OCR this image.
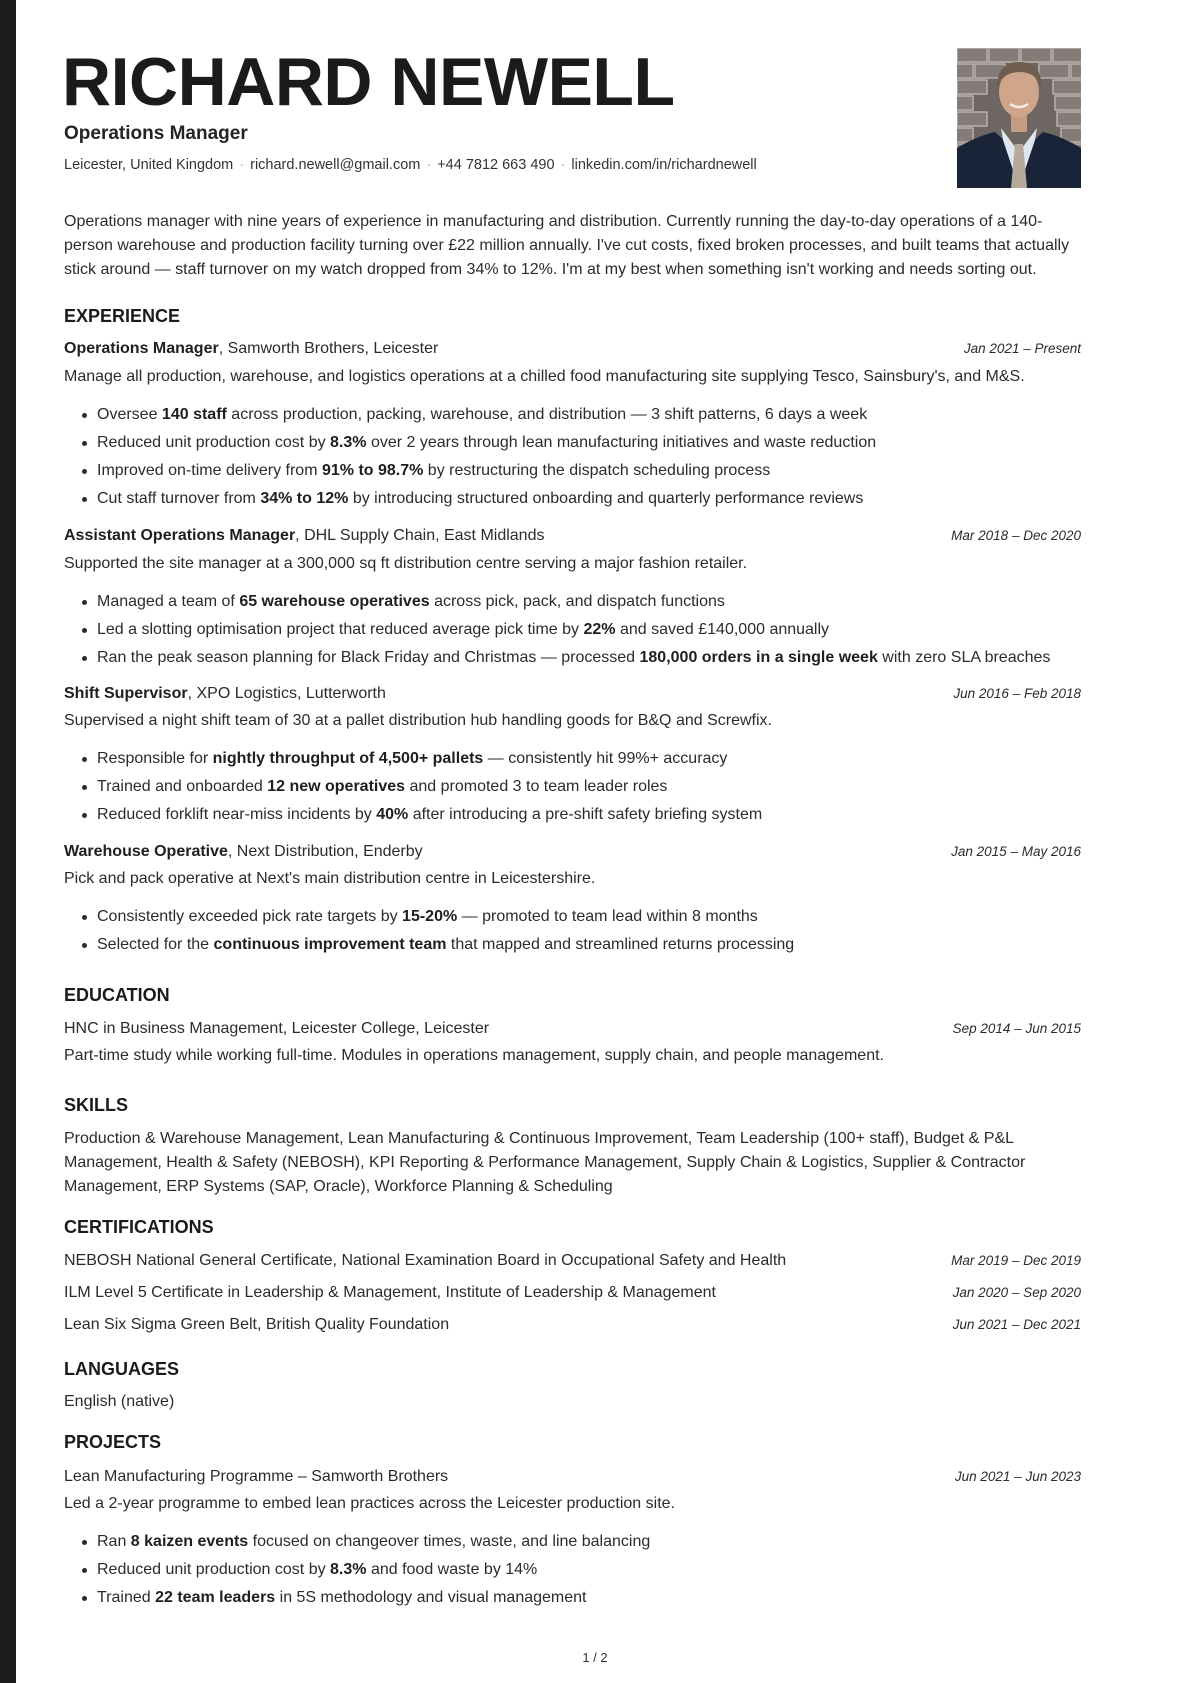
RICHARD NEWELL
Operations Manager
Leicester, United Kingdom · richard.newell@gmail.com · +44 7812 663 490 · linkedin.com/in/richardnewell
Operations manager with nine years of experience in manufacturing and distribution. Currently running the day-to-day operations of a 140-person warehouse and production facility turning over £22 million annually. I've cut costs, fixed broken processes, and built teams that actually stick around — staff turnover on my watch dropped from 34% to 12%. I'm at my best when something isn't working and needs sorting out.
EXPERIENCE
Operations Manager, Samworth Brothers, Leicester	Jan 2021 – Present
Manage all production, warehouse, and logistics operations at a chilled food manufacturing site supplying Tesco, Sainsbury's, and M&S.
Oversee 140 staff across production, packing, warehouse, and distribution — 3 shift patterns, 6 days a week
Reduced unit production cost by 8.3% over 2 years through lean manufacturing initiatives and waste reduction
Improved on-time delivery from 91% to 98.7% by restructuring the dispatch scheduling process
Cut staff turnover from 34% to 12% by introducing structured onboarding and quarterly performance reviews
Assistant Operations Manager, DHL Supply Chain, East Midlands	Mar 2018 – Dec 2020
Supported the site manager at a 300,000 sq ft distribution centre serving a major fashion retailer.
Managed a team of 65 warehouse operatives across pick, pack, and dispatch functions
Led a slotting optimisation project that reduced average pick time by 22% and saved £140,000 annually
Ran the peak season planning for Black Friday and Christmas — processed 180,000 orders in a single week with zero SLA breaches
Shift Supervisor, XPO Logistics, Lutterworth	Jun 2016 – Feb 2018
Supervised a night shift team of 30 at a pallet distribution hub handling goods for B&Q and Screwfix.
Responsible for nightly throughput of 4,500+ pallets — consistently hit 99%+ accuracy
Trained and onboarded 12 new operatives and promoted 3 to team leader roles
Reduced forklift near-miss incidents by 40% after introducing a pre-shift safety briefing system
Warehouse Operative, Next Distribution, Enderby	Jan 2015 – May 2016
Pick and pack operative at Next's main distribution centre in Leicestershire.
Consistently exceeded pick rate targets by 15-20% — promoted to team lead within 8 months
Selected for the continuous improvement team that mapped and streamlined returns processing
EDUCATION
HNC in Business Management, Leicester College, Leicester	Sep 2014 – Jun 2015
Part-time study while working full-time. Modules in operations management, supply chain, and people management.
SKILLS
Production & Warehouse Management, Lean Manufacturing & Continuous Improvement, Team Leadership (100+ staff), Budget & P&L Management, Health & Safety (NEBOSH), KPI Reporting & Performance Management, Supply Chain & Logistics, Supplier & Contractor Management, ERP Systems (SAP, Oracle), Workforce Planning & Scheduling
CERTIFICATIONS
NEBOSH National General Certificate, National Examination Board in Occupational Safety and Health	Mar 2019 – Dec 2019
ILM Level 5 Certificate in Leadership & Management, Institute of Leadership & Management	Jan 2020 – Sep 2020
Lean Six Sigma Green Belt, British Quality Foundation	Jun 2021 – Dec 2021
LANGUAGES
English (native)
PROJECTS
Lean Manufacturing Programme – Samworth Brothers	Jun 2021 – Jun 2023
Led a 2-year programme to embed lean practices across the Leicester production site.
Ran 8 kaizen events focused on changeover times, waste, and line balancing
Reduced unit production cost by 8.3% and food waste by 14%
Trained 22 team leaders in 5S methodology and visual management
1 / 2
